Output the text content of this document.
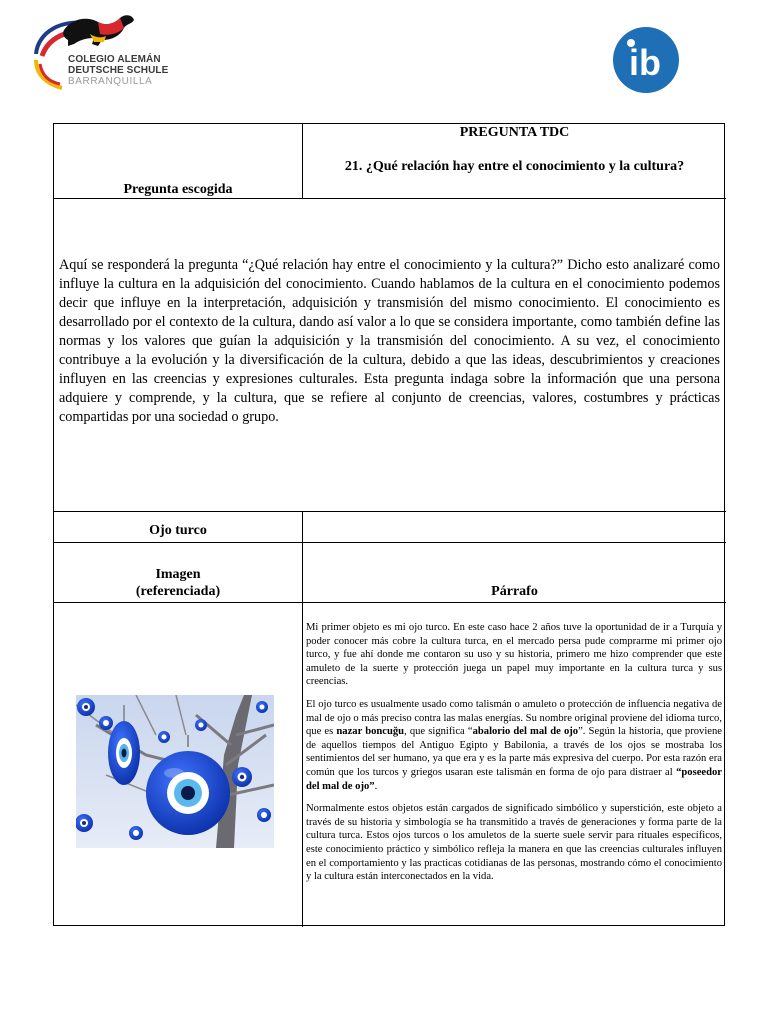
COLEGIO ALEMÁN
DEUTSCHE SCHULE
BARRANQUILLA	ib
Pregunta escogida
PREGUNTA TDC
21. ¿Qué relación hay entre el conocimiento y la cultura?

Aquí se responderá la pregunta “¿Qué relación hay entre el conocimiento y la cultura?” Dicho esto analizaré como influye la cultura en la adquisición del conocimiento. Cuando hablamos de la cultura en el conocimiento podemos decir que influye en la interpretación, adquisición y transmisión del mismo conocimiento. El conocimiento es desarrollado por el contexto de la cultura, dando así valor a lo que se considera importante, como también define las normas y los valores que guían la adquisición y la transmisión del conocimiento. A su vez, el conocimiento contribuye a la evolución y la diversificación de la cultura, debido a que las ideas, descubrimientos y creaciones influyen en las creencias y expresiones culturales. Esta pregunta indaga sobre la información que una persona adquiere y comprende, y la cultura, que se refiere al conjunto de creencias, valores, costumbres y prácticas compartidas por una sociedad o grupo.

Ojo turco
Imagen
(referenciada)	Párrafo

Mi primer objeto es mi ojo turco. En este caso hace 2 años tuve la oportunidad de ir a Turquía y poder conocer más cobre la cultura turca, en el mercado persa pude comprarme mi primer ojo turco, y fue ahí donde me contaron su uso y su historia, primero me hizo comprender que este amuleto de la suerte y protección juega un papel muy importante en la cultura turca y sus creencias.

El ojo turco es usualmente usado como talismán o amuleto o protección de influencia negativa de mal de ojo o más preciso contra las malas energías. Su nombre original proviene del idioma turco, que es nazar boncuğu, que significa “abalorio del mal de ojo”. Según la historia, que proviene de aquellos tiempos del Antiguo Egipto y Babilonia, a través de los ojos se mostraba los sentimientos del ser humano, ya que era y es la parte más expresiva del cuerpo. Por esta razón era común que los turcos y griegos usaran este talismán en forma de ojo para distraer al “poseedor del mal de ojo”.

Normalmente estos objetos están cargados de significado simbólico y superstición, este objeto a través de su historia y simbología se ha transmitido a través de generaciones y forma parte de la cultura turca. Estos ojos turcos o los amuletos de la suerte suele servir para rituales específicos, este conocimiento práctico y simbólico refleja la manera en que las creencias culturales influyen en el comportamiento y las practicas cotidianas de las personas, mostrando cómo el conocimiento y la cultura están interconectados en la vida.
